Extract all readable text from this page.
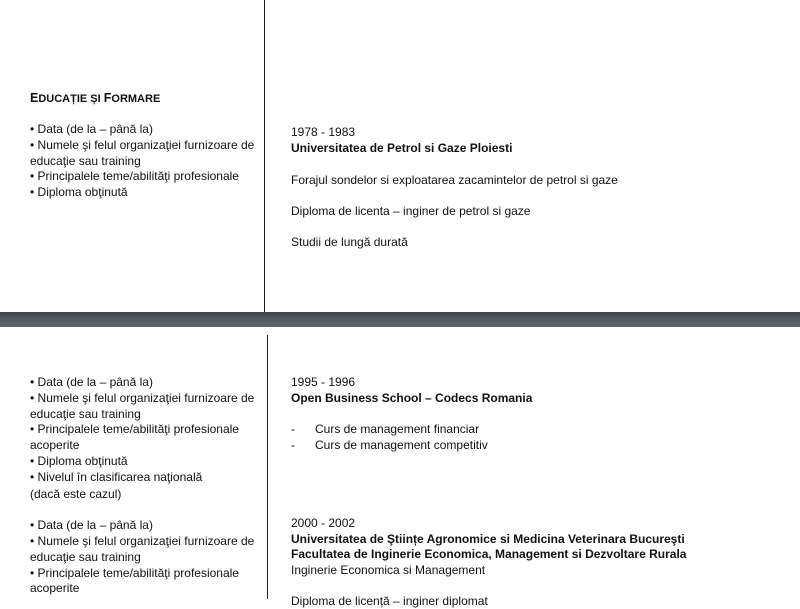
EDUCAȚIE ȘI FORMARE
• Data (de la – până la)
• Numele şi felul organizaţiei furnizoare de
educaţie sau training
• Principalele teme/abilităţi profesionale
• Diploma obţinută
1978 - 1983
Universitatea de Petrol si Gaze Ploiesti
Forajul sondelor si exploatarea zacamintelor de petrol si gaze
Diploma de licenta – inginer de petrol si gaze
Studii de lungă durată
• Data (de la – până la)
• Numele şi felul organizaţiei furnizoare de
educaţie sau training
• Principalele teme/abilităţi profesionale
acoperite
• Diploma obţinută
• Nivelul în clasificarea naţională
(dacă este cazul)
• Data (de la – până la)
• Numele şi felul organizaţiei furnizoare de
educaţie sau training
• Principalele teme/abilităţi profesionale
acoperite
1995 - 1996
Open Business School – Codecs Romania
- Curs de management financiar
- Curs de management competitiv
2000 - 2002
Universitatea de Ştiințe Agronomice si Medicina Veterinara Bucureşti
Facultatea de Inginerie Economica, Management si Dezvoltare Rurala
Inginerie Economica si Management
Diploma de licență – inginer diplomat
